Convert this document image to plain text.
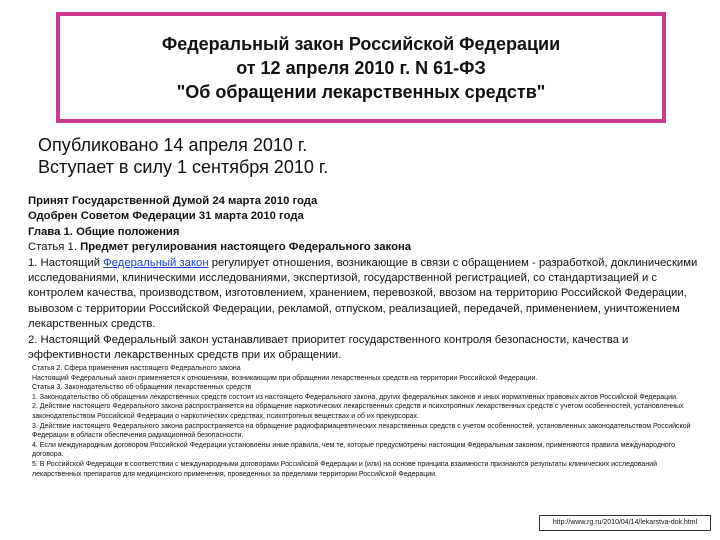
Федеральный закон Российской Федерации
от 12 апреля 2010 г. N 61-ФЗ
"Об обращении лекарственных средств"
Опубликовано 14 апреля 2010 г.
Вступает в силу 1 сентября 2010 г.

Принят Государственной Думой 24 марта 2010 года

Одобрен Советом Федерации 31 марта 2010 года

Глава 1. Общие положения

Статья 1. Предмет регулирования настоящего Федерального закона

1. Настоящий Федеральный закон регулирует отношения, возникающие в связи с обращением - разработкой, доклиническими исследованиями, клиническими исследованиями, экспертизой, государственной регистрацией, со стандартизацией и с контролем качества, производством, изготовлением, хранением, перевозкой, ввозом на территорию Российской Федерации, вывозом с территории Российской Федерации, рекламой, отпуском, реализацией, передачей, применением, уничтожением лекарственных средств.

2. Настоящий Федеральный закон устанавливает приоритет государственного контроля безопасности, качества и эффективности лекарственных средств при их обращении.

Статья 2. Сфера применения настоящего Федерального закона

Настоящий Федеральный закон применяется к отношениям, возникающим при обращении лекарственных средств на территории Российской Федерации.

Статья 3. Законодательство об обращении лекарственных средств

1. Законодательство об обращении лекарственных средств состоит из настоящего Федерального закона, других федеральных законов и иных нормативных правовых актов Российской Федерации.

2. Действие настоящего Федерального закона распространяется на обращение наркотических лекарственных средств и психотропных лекарственных средств с учетом особенностей, установленных законодательством Российской Федерации о наркотических средствах, психотропных веществах и об их прекурсорах.

3. Действие настоящего Федерального закона распространяется на обращение радиофармацевтических лекарственных средств с учетом особенностей, установленных законодательством Российской Федерации в области обеспечения радиационной безопасности.

4. Если международным договором Российской Федерации установлены иные правила, чем те, которые предусмотрены настоящим Федеральным законом, применяются правила международного договора.

5. В Российской Федерации в соответствии с международными договорами Российской Федерации и (или) на основе принципа взаимности признаются результаты клинических исследований лекарственных препаратов для медицинского применения, проведенных за пределами территории Российской Федерации.

http://www.rg.ru/2010/04/14/lekarstva-dok.html
